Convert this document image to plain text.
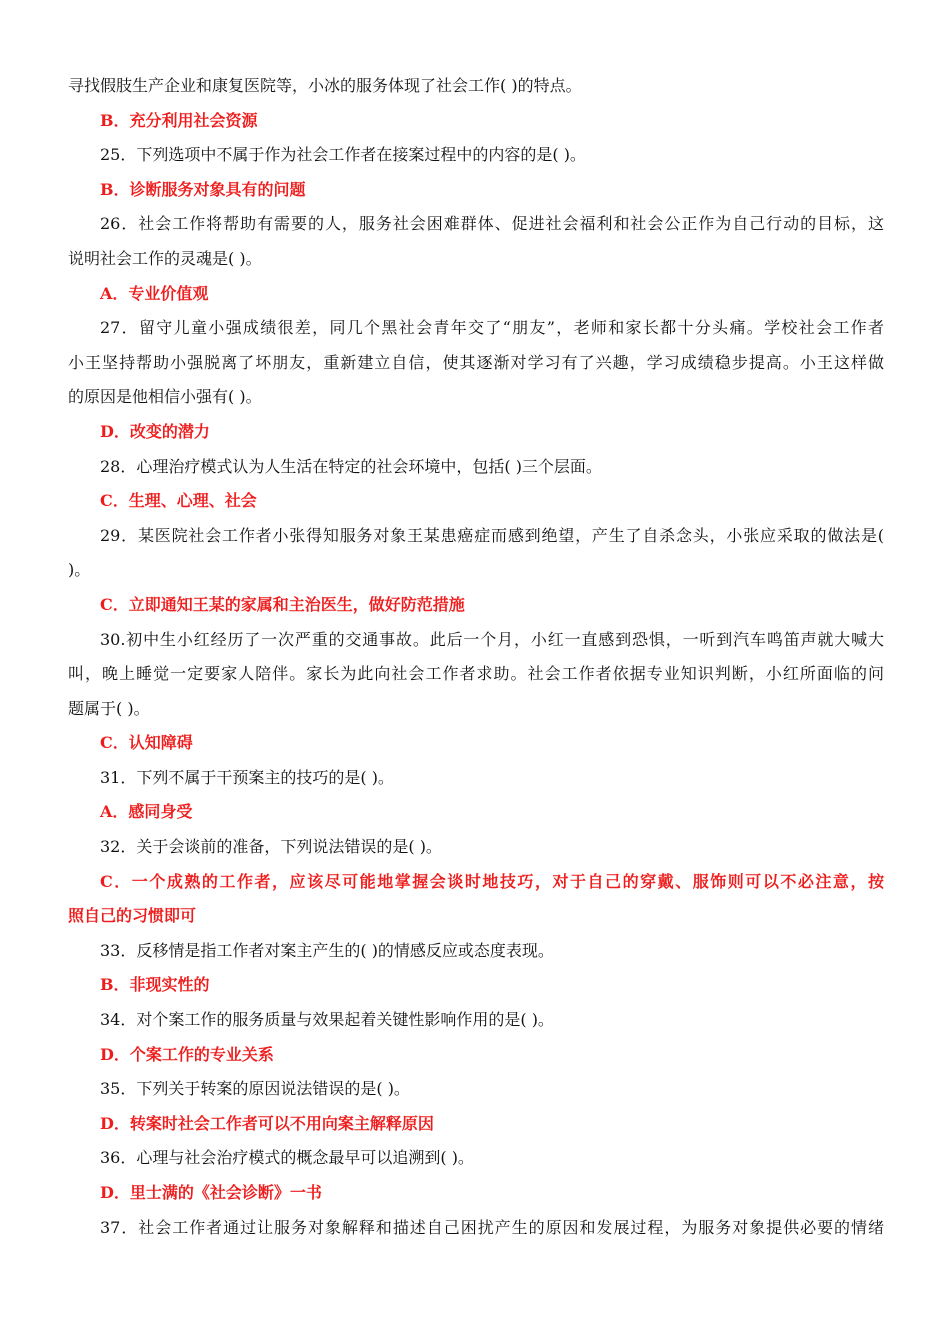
寻找假肢生产企业和康复医院等，小冰的服务体现了社会工作( )的特点。
B．充分利用社会资源
25．下列选项中不属于作为社会工作者在接案过程中的内容的是( )。
B．诊断服务对象具有的问题
26．社会工作将帮助有需要的人，服务社会困难群体、促进社会福利和社会公正作为自己行动的目标，这
说明社会工作的灵魂是( )。
A．专业价值观
27．留守儿童小强成绩很差，同几个黑社会青年交了“朋友”，老师和家长都十分头痛。学校社会工作者
小王坚持帮助小强脱离了坏朋友，重新建立自信，使其逐渐对学习有了兴趣，学习成绩稳步提高。小王这样做
的原因是他相信小强有( )。
D．改变的潜力
28．心理治疗模式认为人生活在特定的社会环境中，包括( )三个层面。
C．生理、心理、社会
29．某医院社会工作者小张得知服务对象王某患癌症而感到绝望，产生了自杀念头，小张应采取的做法是(
)。
C．立即通知王某的家属和主治医生，做好防范措施
30.初中生小红经历了一次严重的交通事故。此后一个月，小红一直感到恐惧，一听到汽车鸣笛声就大喊大
叫，晚上睡觉一定要家人陪伴。家长为此向社会工作者求助。社会工作者依据专业知识判断，小红所面临的问
题属于( )。
C．认知障碍
31．下列不属于干预案主的技巧的是( )。
A．感同身受
32．关于会谈前的准备，下列说法错误的是( )。
C．一个成熟的工作者，应该尽可能地掌握会谈时地技巧，对于自己的穿戴、服饰则可以不必注意，按
照自己的习惯即可
33．反移情是指工作者对案主产生的( )的情感反应或态度表现。
B．非现实性的
34．对个案工作的服务质量与效果起着关键性影响作用的是( )。
D．个案工作的专业关系
35．下列关于转案的原因说法错误的是( )。
D．转案时社会工作者可以不用向案主解释原因
36．心理与社会治疗模式的概念最早可以追溯到( )。
D．里士满的《社会诊断》一书
37．社会工作者通过让服务对象解释和描述自己困扰产生的原因和发展过程，为服务对象提供必要的情绪
